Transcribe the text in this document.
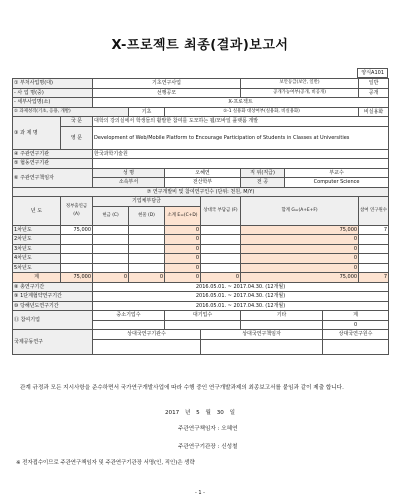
X-프로젝트 최종(결과)보고서
양식A101
① 부처사업명(대)		기초연구사업				보안등급(보안, 일반)			일반
- 사 업 명(중)		선행공모				공개가능여부(공개, 비공개)			공개
- 세부사업명(소)		X-프로젝트							
② 과제성격(기초, 응용, 개발)			기초	②-1 실용화 대상여부(실용화, 비실용화)					비실용화
③ 과 제 명	국 문	대학의 강의실에서 학생들의 활발한 참여를 도모하는 웹/모바일 플랫폼 개발							
	영 문	Development of Web/Mobile Platform to Encourage Participation of Students in Classes at Universities							
④ 주관연구기관		한국과학기술원							
⑤ 협동연구기관									
⑥ 주관연구책임자		성 명		오혜연		직 위(직급)	부교수		
		소속부서		전산학부		전 공	Computer Science		
⑦ 연구개발비 및 참여연구인수 (단위: 천원, M/Y)									
년 도	정부출연금 (A)	기업체부담금			상대국 부담금 (F)	합계 G=(A+E+F)			참여 연구원수
		현금 (C)	현물 (D)	소계 E=(C+D)					
1차년도	75,000			0		75,000			7
2차년도				0		0			
3차년도				0		0			
4차년도				0		0			
5차년도				0		0			
계	75,000	0	0	0	0	75,000			7
⑧ 총연구기간		2016.05.01. ~ 2017.04.30. (12개월)							
⑨ 1단계협약연구기간		2016.05.01. ~ 2017.04.30. (12개월)							
⑩ 당해년도연구기간		2016.05.01. ~ 2017.04.30. (12개월)							
⑪ 참여기업		중소기업수		대기업수		기타		계	
								0	
국제공동연구		상대국연구기관수			상대국연구책임자			상대국연구원수	

관계 규정과 모든 지시사항을 준수하면서 국가연구개발사업에 따라 수행 중인 연구개발과제의 최종보고서를 붙임과 같이 제출 합니다.
2017 년 5 월 30 일
주관연구책임자 : 오혜연
주관연구기관장 : 신성철
※ 전자접수이므로 주관연구책임자 및 주관연구기관장 서명(인, 직인)은 생략
- 1 -
